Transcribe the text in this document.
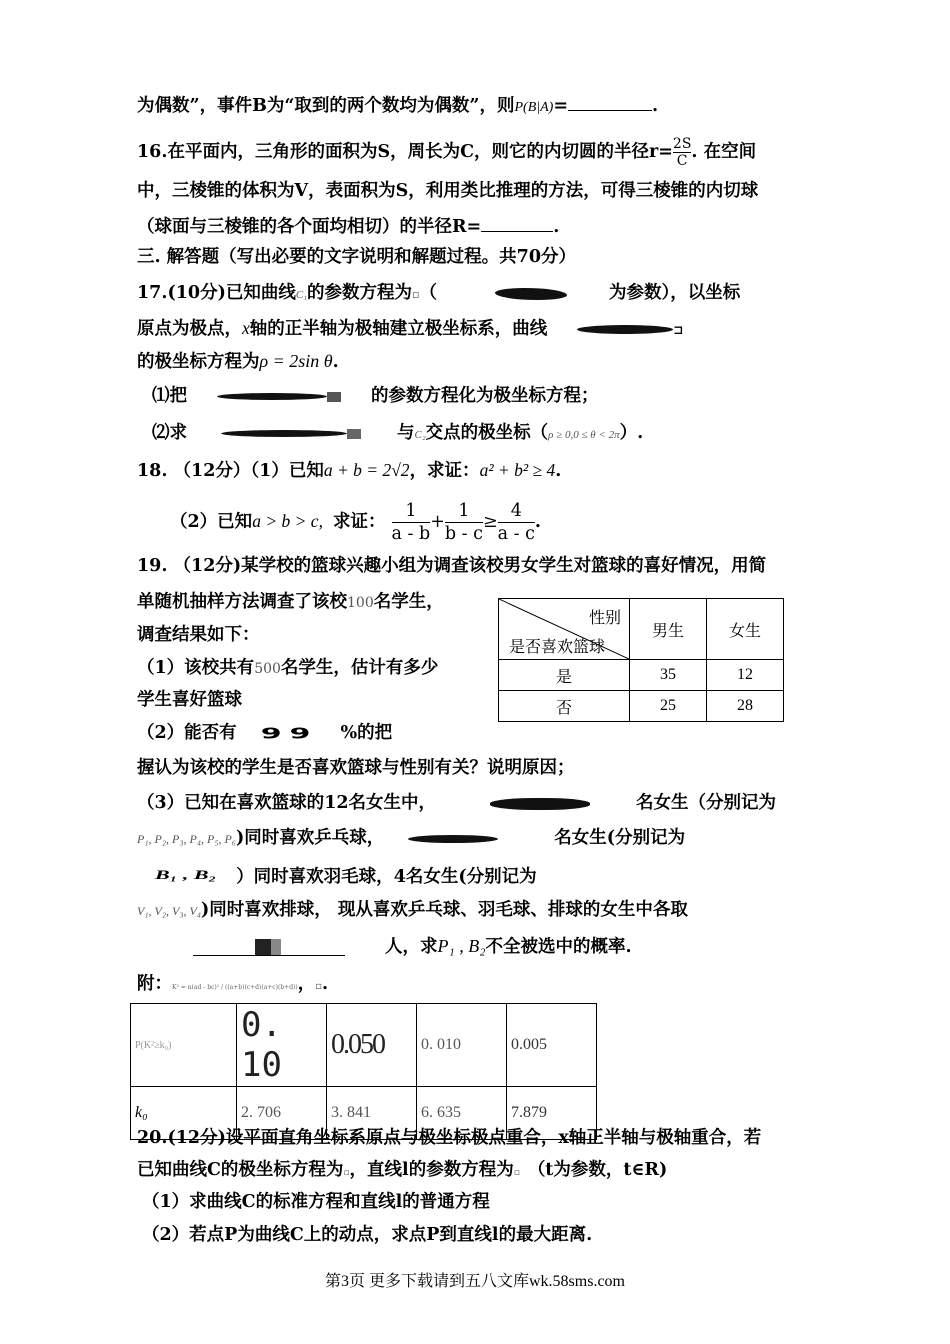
为偶数”，事件B为“取到的两个数均为偶数”，则P(B|A)=	.
16.在平面内，三角形的面积为S，周长为C，则它的内切圆的半径$r= \frac{2S}{C}$ . 在空间
中，三棱锥的体积为V，表面积为S，利用类比推理的方法，可得三棱锥的内切球
（球面与三棱锥的各个面均相切）的半径R=	.
三. 解答题（写出必要的文字说明和解题过程。共70分）
17.(10分)已知曲线C₁的参数方程为▫（	为参数），以坐标
原点为极点，x轴的正半轴为极轴建立极坐标系，曲线	⊐
的极坐标方程为ρ = 2sin θ.
⑴把	的参数方程化为极坐标方程；
⑵求	与C₂交点的极坐标（ρ ≥ 0,0 ≤ θ < 2π）.
18. （12分）（1）已知a + b = 2√2，求证：a² + b² ≥ 4.
（2）已知a > b > c, 求证： $\frac{1}{a - b} + \frac{1}{b - c} \ge \frac{4}{a - c}$ .
19. （12分)某学校的篮球兴趣小组为调查该校男女学生对篮球的喜好情况，用简
单随机抽样方法调查了该校100名学生，
调查结果如下：
（1）该校共有500名学生，估计有多少
学生喜好篮球
（2）能否有 99 %的把
握认为该校的学生是否喜欢篮球与性别有关？说明原因；
（3）已知在喜欢篮球的12名女生中，	名女生（分别记为
P₁, P₂, P₃, P₄, P₅, P₆)同时喜欢乒乓球，	名女生(分别记为
B₁ , B₂ ）同时喜欢羽毛球，4名女生(分别记为
V₁, V₂, V₃, V₄)同时喜欢排球， 现从喜欢乒乓球、羽毛球、排球的女生中各取
人，求P₁ , B₂不全被选中的概率.
附：K² = n(ad - bc)² / ((a+b)(c+d)(a+c)(b+d))，▫.
性别
是否喜欢篮球	男生	女生
是	35	12
否	25	28
P(K²≥k₀)	0. 10	0.050	0. 010	0.005
k₀	2. 706	3. 841	6. 635	7.879
20.(12分)设平面直角坐标系原点与极坐标极点重合，x轴正半轴与极轴重合，若
已知曲线C的极坐标方程为▫，直线l的参数方程为▫ （t为参数，t∈R)
（1）求曲线C的标准方程和直线l的普通方程
（2）若点P为曲线C上的动点，求点P到直线l的最大距离.
第3页 更多下载请到五八文库wk.58sms.com
